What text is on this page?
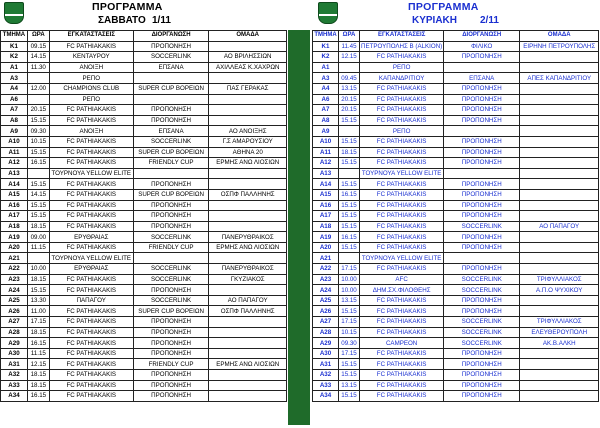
ΠΡΟΓΡΑΜΜΑ
ΣΑΒΒΑΤΟ 1/11
ΤΜΗΜΑ	ΩΡΑ	ΕΓΚΑΤΑΣΤΑΣΕΙΣ	ΔΙΟΡΓΑΝΩΣΗ	ΟΜΑΔΑ
K1	09.15	FC PATHIAKAKIS	ΠΡΟΠΟΝΗΣΗ	
K2	14.15	ΚΕΝΤΑΥΡΟΥ	SOCCERLINK	ΑΟ ΒΡΙΛΗΣΣΙΩΝ
A1	11.30	ΑΝΟΙΞΗ	ΕΠΣΑΝΑ	ΑΧΙΛΛΕΑΣ Κ.ΧΑΧΡΩΝ
A3		ΡΕΠΟ		
A4	12.00	CHAMPIONS CLUB	SUPER CUP ΒΟΡΕΙΩΝ	ΠΑΣ ΓΕΡΑΚΑΣ
A6		ΡΕΠΟ		
A7	20.15	FC PATHIAKAKIS	ΠΡΟΠΟΝΗΣΗ	
A8	15.15	FC PATHIAKAKIS	ΠΡΟΠΟΝΗΣΗ	
A9	09.30	ΑΝΟΙΞΗ	ΕΠΣΑΝΑ	ΑΟ ΑΝΟΙΞΗΣ
A10	10.15	FC PATHIAKAKIS	SOCCERLINK	Γ.Σ ΑΜΑΡΟΥΣΙΟΥ
A11	15.15	FC PATHIAKAKIS	SUPER CUP ΒΟΡΕΙΩΝ	ΑΘΗΝΑ 20
A12	16.15	FC PATHIAKAKIS	FRIENDLY CUP	ΕΡΜΗΣ ΑΝΩ ΛΙΟΣΙΩΝ
A13		ΤΟΥΡΝΟΥΑ YELLOW ELITE		
A14	15.15	FC PATHIAKAKIS	ΠΡΟΠΟΝΗΣΗ	
A15	14.15	FC PATHIAKAKIS	SUPER CUP ΒΟΡΕΙΩΝ	ΟΣΠΦ ΠΑΛΛΗΝΗΣ
A16	15.15	FC PATHIAKAKIS	ΠΡΟΠΟΝΗΣΗ	
A17	15.15	FC PATHIAKAKIS	ΠΡΟΠΟΝΗΣΗ	
A18	18.15	FC PATHIAKAKIS	ΠΡΟΠΟΝΗΣΗ	
A19	09.00	ΕΡΥΘΡΑΙΑΣ	SOCCERLINK	ΠΑΝΕΡΥΘΡΑΙΚΟΣ
A20	11.15	FC PATHIAKAKIS	FRIENDLY CUP	ΕΡΜΗΣ ΑΝΩ ΛΙΟΣΙΩΝ
A21		ΤΟΥΡΝΟΥΑ YELLOW ELITE		
A22	10.00	ΕΡΥΘΡΑΙΑΣ	SOCCERLINK	ΠΑΝΕΡΥΘΡΑΙΚΟΣ
A23	18.15	FC PATHIAKAKIS	SOCCERLINK	ΓΚΥΖΙΑΚΟΣ
A24	15.15	FC PATHIAKAKIS	ΠΡΟΠΟΝΗΣΗ	
A25	13.30	ΠΑΠΑΓΟΥ	SOCCERLINK	ΑΟ ΠΑΠΑΓΟΥ
A26	11.00	FC PATHIAKAKIS	SUPER CUP ΒΟΡΕΙΩΝ	ΟΣΠΦ ΠΑΛΛΗΝΗΣ
A27	17.15	FC PATHIAKAKIS	ΠΡΟΠΟΝΗΣΗ	
A28	18.15	FC PATHIAKAKIS	ΠΡΟΠΟΝΗΣΗ	
A29	16.15	FC PATHIAKAKIS	ΠΡΟΠΟΝΗΣΗ	
A30	11.15	FC PATHIAKAKIS	ΠΡΟΠΟΝΗΣΗ	
A31	12.15	FC PATHIAKAKIS	FRIENDLY CUP	ΕΡΜΗΣ ΑΝΩ ΛΙΟΣΙΩΝ
A32	18.15	FC PATHIAKAKIS	ΠΡΟΠΟΝΗΣΗ	
A33	18.15	FC PATHIAKAKIS	ΠΡΟΠΟΝΗΣΗ	
A34	16.15	FC PATHIAKAKIS	ΠΡΟΠΟΝΗΣΗ	
ΠΡΟΓΡΑΜΜΑ
ΚΥΡΙΑΚΗ 2/11
ΤΜΗΜΑ	ΩΡΑ	ΕΓΚΑΤΑΣΤΑΣΕΙΣ	ΔΙΟΡΓΑΝΩΣΗ	ΟΜΑΔΑ
K1	11.45	ΠΕΤΡΟΥΠΟΛΗΣ Β (ALKION)	ΦΙΛΙΚΟ	ΕΙΡΗΝΗ ΠΕΤΡΟΥΠΟΛΗΣ
K2	12.15	FC PATHIAKAKIS	ΠΡΟΠΟΝΗΣΗ	
A1		ΡΕΠΟ		
A3	09.45	ΚΑΠΑΝΔΡΙΤΙΟΥ	ΕΠΣΑΝΑ	ΑΠΕΣ ΚΑΠΑΝΔΡΙΤΙΟΥ
A4	13.15	FC PATHIAKAKIS	ΠΡΟΠΟΝΗΣΗ	
A6	20.15	FC PATHIAKAKIS	ΠΡΟΠΟΝΗΣΗ	
A7	20.15	FC PATHIAKAKIS	ΠΡΟΠΟΝΗΣΗ	
A8	15.15	FC PATHIAKAKIS	ΠΡΟΠΟΝΗΣΗ	
A9		ΡΕΠΟ		
A10	15.15	FC PATHIAKAKIS	ΠΡΟΠΟΝΗΣΗ	
A11	18.15	FC PATHIAKAKIS	ΠΡΟΠΟΝΗΣΗ	
A12	15.15	FC PATHIAKAKIS	ΠΡΟΠΟΝΗΣΗ	
A13		ΤΟΥΡΝΟΥΑ YELLOW ELITE		
A14	15.15	FC PATHIAKAKIS	ΠΡΟΠΟΝΗΣΗ	
A15	16.15	FC PATHIAKAKIS	ΠΡΟΠΟΝΗΣΗ	
A16	15.15	FC PATHIAKAKIS	ΠΡΟΠΟΝΗΣΗ	
A17	15.15	FC PATHIAKAKIS	ΠΡΟΠΟΝΗΣΗ	
A18	15.15	FC PATHIAKAKIS	SOCCERLINK	ΑΟ ΠΑΠΑΓΟΥ
A19	16.15	FC PATHIAKAKIS	ΠΡΟΠΟΝΗΣΗ	
A20	15.15	FC PATHIAKAKIS	ΠΡΟΠΟΝΗΣΗ	
A21		ΤΟΥΡΝΟΥΑ YELLOW ELITE		
A22	17.15	FC PATHIAKAKIS	ΠΡΟΠΟΝΗΣΗ	
A23	10.00	AFC	SOCCERLINK	ΤΡΙΦΥΛΛΙΑΚΟΣ
A24	10.00	ΔΗΜ.ΣΧ.ΦΙΛΟΘΕΗΣ	SOCCERLINK	Α.Π.Ο ΨΥΧΙΚΟΥ
A25	13.15	FC PATHIAKAKIS	ΠΡΟΠΟΝΗΣΗ	
A26	15.15	FC PATHIAKAKIS	ΠΡΟΠΟΝΗΣΗ	
A27	17.15	FC PATHIAKAKIS	SOCCERLINK	ΤΡΙΦΥΛΛΙΑΚΟΣ
A28	10.15	FC PATHIAKAKIS	SOCCERLINK	ΕΛΕΥΘΕΡΟΥΠΟΛΗ
A29	09.30	CAMPEON	SOCCERLINK	ΑΚ.Β.ΑΛΚΗ
A30	17.15	FC PATHIAKAKIS	ΠΡΟΠΟΝΗΣΗ	
A31	15.15	FC PATHIAKAKIS	ΠΡΟΠΟΝΗΣΗ	
A32	15.15	FC PATHIAKAKIS	ΠΡΟΠΟΝΗΣΗ	
A33	13.15	FC PATHIAKAKIS	ΠΡΟΠΟΝΗΣΗ	
A34	15.15	FC PATHIAKAKIS	ΠΡΟΠΟΝΗΣΗ	
